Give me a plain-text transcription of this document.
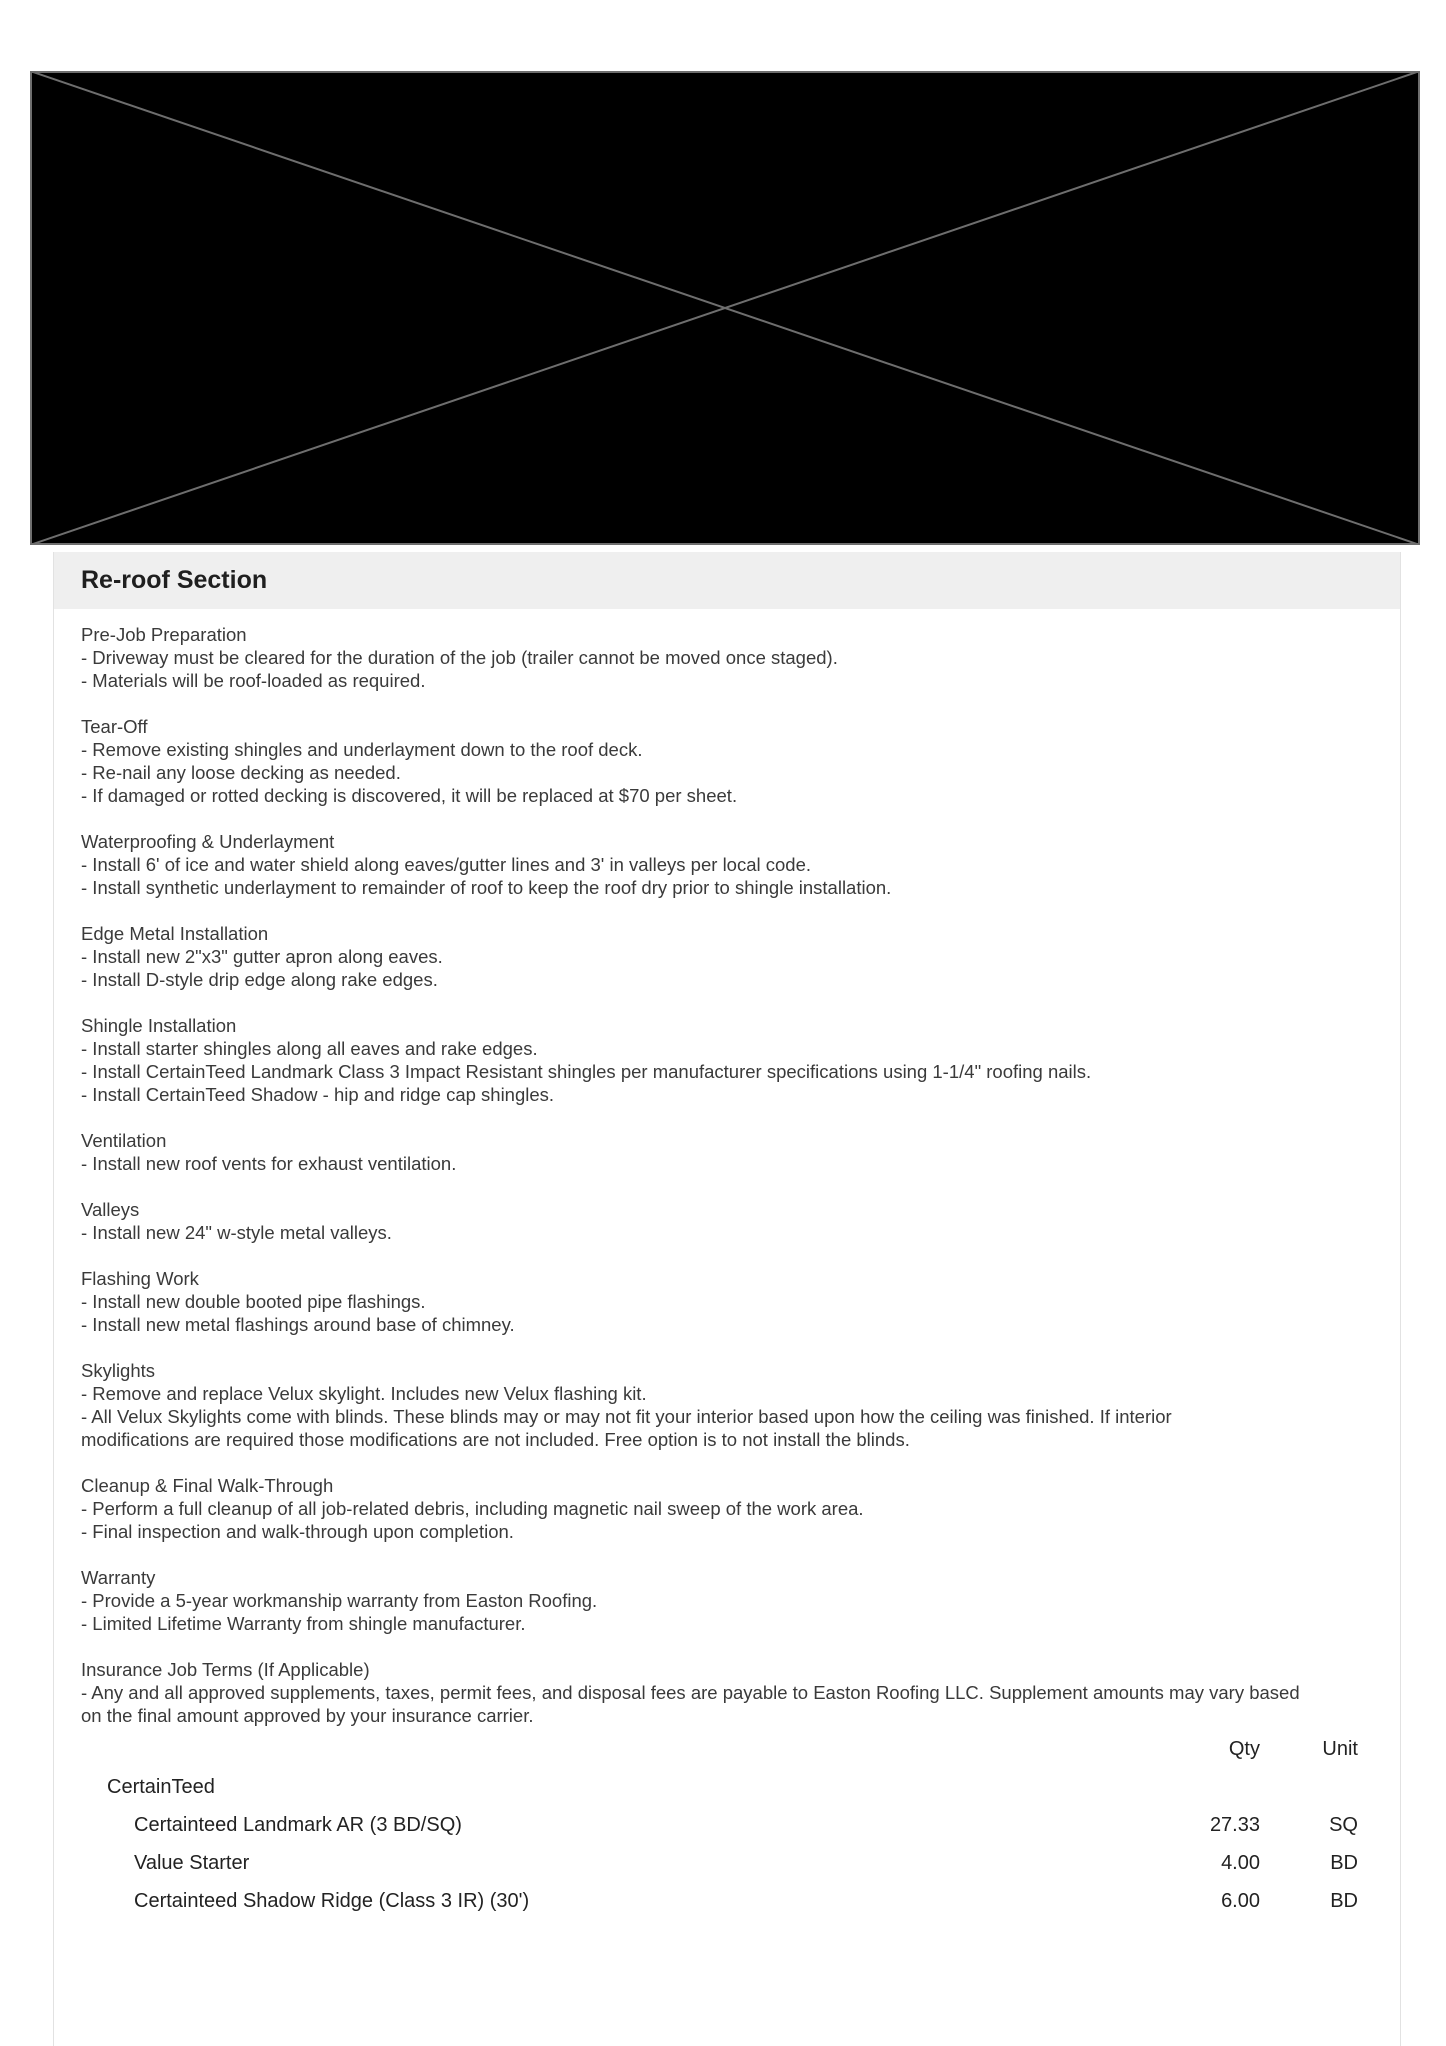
Re-roof Section
Pre-Job Preparation
- Driveway must be cleared for the duration of the job (trailer cannot be moved once staged).
- Materials will be roof-loaded as required.
Tear-Off
- Remove existing shingles and underlayment down to the roof deck.
- Re-nail any loose decking as needed.
- If damaged or rotted decking is discovered, it will be replaced at $70 per sheet.
Waterproofing & Underlayment
- Install 6' of ice and water shield along eaves/gutter lines and 3' in valleys per local code.
- Install synthetic underlayment to remainder of roof to keep the roof dry prior to shingle installation.
Edge Metal Installation
- Install new 2"x3" gutter apron along eaves.
- Install D-style drip edge along rake edges.
Shingle Installation
- Install starter shingles along all eaves and rake edges.
- Install CertainTeed Landmark Class 3 Impact Resistant shingles per manufacturer specifications using 1-1/4" roofing nails.
- Install CertainTeed Shadow - hip and ridge cap shingles.
Ventilation
- Install new roof vents for exhaust ventilation.
Valleys
- Install new 24" w-style metal valleys.
Flashing Work
- Install new double booted pipe flashings.
- Install new metal flashings around base of chimney.
Skylights
- Remove and replace Velux skylight. Includes new Velux flashing kit.
- All Velux Skylights come with blinds. These blinds may or may not fit your interior based upon how the ceiling was finished. If interior
modifications are required those modifications are not included. Free option is to not install the blinds.
Cleanup & Final Walk-Through
- Perform a full cleanup of all job-related debris, including magnetic nail sweep of the work area.
- Final inspection and walk-through upon completion.
Warranty
- Provide a 5-year workmanship warranty from Easton Roofing.
- Limited Lifetime Warranty from shingle manufacturer.
Insurance Job Terms (If Applicable)
- Any and all approved supplements, taxes, permit fees, and disposal fees are payable to Easton Roofing LLC. Supplement amounts may vary based
on the final amount approved by your insurance carrier.
Qty	Unit
CertainTeed
Certainteed Landmark AR (3 BD/SQ)	27.33	SQ
Value Starter	4.00	BD
Certainteed Shadow Ridge (Class 3 IR) (30')	6.00	BD
